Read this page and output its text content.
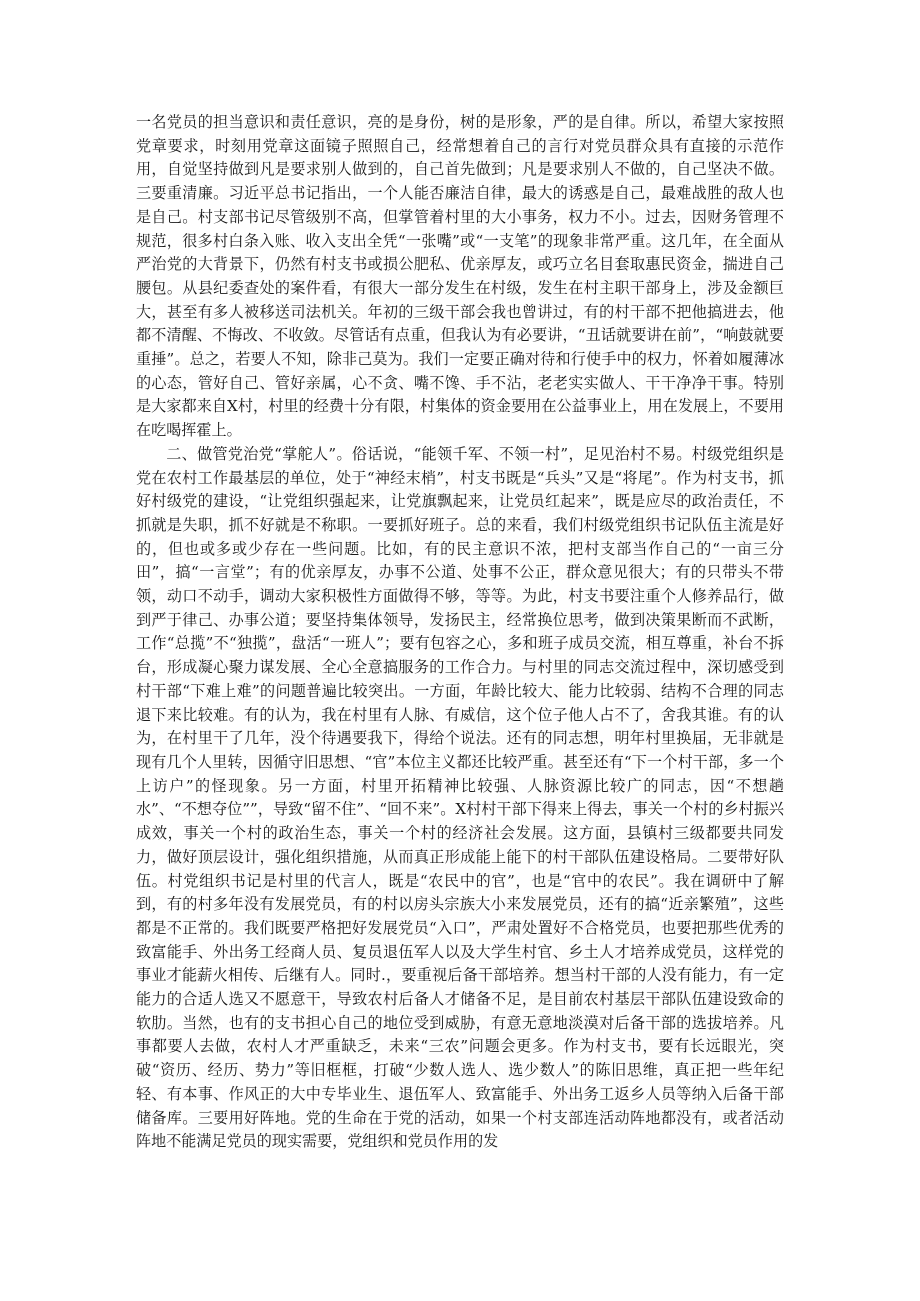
一名党员的担当意识和责任意识，亮的是身份，树的是形象，严的是自律。所以，希望大家按照党章要求，时刻用党章这面镜子照照自己，经常想着自己的言行对党员群众具有直接的示范作用，自觉坚持做到凡是要求别人做到的，自己首先做到；凡是要求别人不做的，自己坚决不做。三要重清廉。习近平总书记指出，一个人能否廉洁自律，最大的诱惑是自己，最难战胜的敌人也是自己。村支部书记尽管级别不高，但掌管着村里的大小事务，权力不小。过去，因财务管理不规范，很多村白条入账、收入支出全凭“一张嘴”或“一支笔”的现象非常严重。这几年，在全面从严治党的大背景下，仍然有村支书或损公肥私、优亲厚友，或巧立名目套取惠民资金，揣进自己腰包。从县纪委查处的案件看，有很大一部分发生在村级，发生在村主职干部身上，涉及金额巨大，甚至有多人被移送司法机关。年初的三级干部会我也曾讲过，有的村干部不把他搞进去，他都不清醒、不悔改、不收敛。尽管话有点重，但我认为有必要讲，“丑话就要讲在前”，“响鼓就要重捶”。总之，若要人不知，除非己莫为。我们一定要正确对待和行使手中的权力，怀着如履薄冰的心态，管好自己、管好亲属，心不贪、嘴不馋、手不沾，老老实实做人、干干净净干事。特别是大家都来自X村，村里的经费十分有限，村集体的资金要用在公益事业上，用在发展上，不要用在吃喝挥霍上。

二、做管党治党“掌舵人”。俗话说，“能领千军、不领一村”，足见治村不易。村级党组织是党在农村工作最基层的单位，处于“神经末梢”，村支书既是“兵头”又是“将尾”。作为村支书，抓好村级党的建设，“让党组织强起来，让党旗飘起来，让党员红起来”，既是应尽的政治责任，不抓就是失职，抓不好就是不称职。一要抓好班子。总的来看，我们村级党组织书记队伍主流是好的，但也或多或少存在一些问题。比如，有的民主意识不浓，把村支部当作自己的“一亩三分田”，搞“一言堂”；有的优亲厚友，办事不公道、处事不公正，群众意见很大；有的只带头不带领，动口不动手，调动大家积极性方面做得不够，等等。为此，村支书要注重个人修养品行，做到严于律己、办事公道；要坚持集体领导，发扬民主，经常换位思考，做到决策果断而不武断，工作“总揽”不“独揽”，盘活“一班人”；要有包容之心，多和班子成员交流，相互尊重，补台不拆台，形成凝心聚力谋发展、全心全意搞服务的工作合力。与村里的同志交流过程中，深切感受到村干部“下难上难”的问题普遍比较突出。一方面，年龄比较大、能力比较弱、结构不合理的同志退下来比较难。有的认为，我在村里有人脉、有威信，这个位子他人占不了，舍我其谁。有的认为，在村里干了几年，没个待遇要我下，得给个说法。还有的同志想，明年村里换届，无非就是现有几个人里转，因循守旧思想、“官”本位主义都还比较严重。甚至还有“下一个村干部，多一个上访户”的怪现象。另一方面，村里开拓精神比较强、人脉资源比较广的同志，因“不想趟水”、“不想夺位””，导致“留不住”、“回不来”。X村村干部下得来上得去，事关一个村的乡村振兴成效，事关一个村的政治生态，事关一个村的经济社会发展。这方面，县镇村三级都要共同发力，做好顶层设计，强化组织措施，从而真正形成能上能下的村干部队伍建设格局。二要带好队伍。村党组织书记是村里的代言人，既是“农民中的官”，也是“官中的农民”。我在调研中了解到，有的村多年没有发展党员，有的村以房头宗族大小来发展党员，还有的搞“近亲繁殖”，这些都是不正常的。我们既要严格把好发展党员“入口”，严肃处置好不合格党员，也要把那些优秀的致富能手、外出务工经商人员、复员退伍军人以及大学生村官、乡土人才培养成党员，这样党的事业才能薪火相传、后继有人。同时.，要重视后备干部培养。想当村干部的人没有能力，有一定能力的合适人选又不愿意干，导致农村后备人才储备不足，是目前农村基层干部队伍建设致命的软肋。当然，也有的支书担心自己的地位受到威胁，有意无意地淡漠对后备干部的选拔培养。凡事都要人去做，农村人才严重缺乏，未来“三农”问题会更多。作为村支书，要有长远眼光，突破“资历、经历、势力”等旧框框，打破“少数人选人、选少数人”的陈旧思维，真正把一些年纪轻、有本事、作风正的大中专毕业生、退伍军人、致富能手、外出务工返乡人员等纳入后备干部储备库。三要用好阵地。党的生命在于党的活动，如果一个村支部连活动阵地都没有，或者活动阵地不能满足党员的现实需要，党组织和党员作用的发
